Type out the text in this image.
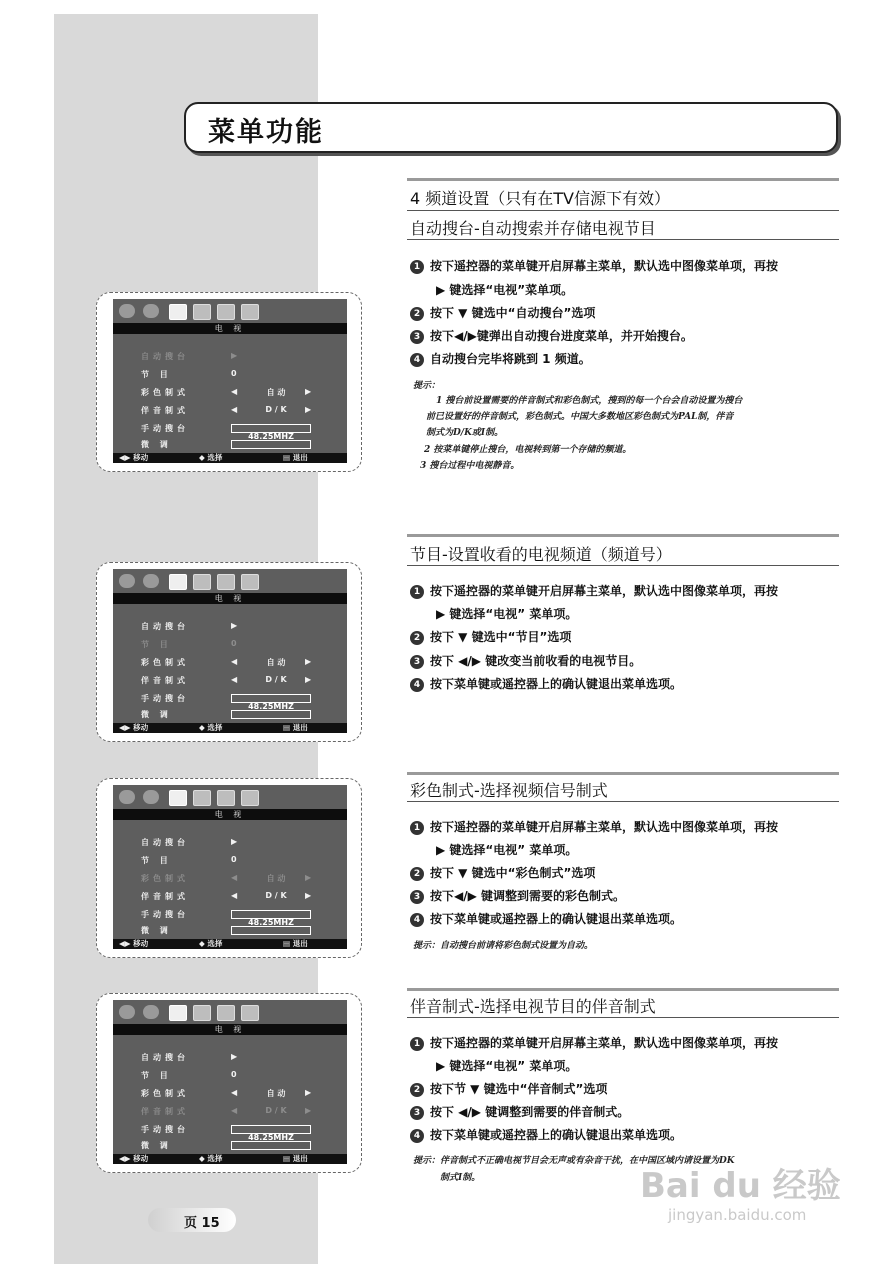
菜单功能
4 频道设置（只有在TV信源下有效）
自动搜台-自动搜索并存储电视节目
1 按下遥控器的菜单键开启屏幕主菜单，默认选中图像菜单项，再按
▶ 键选择“电视”菜单项。
2 按下 ▼ 键选中“自动搜台”选项
3 按下◀/▶键弹出自动搜台进度菜单，并开始搜台。
4 自动搜台完毕将跳到 1 频道。
提示：
1 搜台前设置需要的伴音制式和彩色制式，搜到的每一个台会自动设置为搜台
前已设置好的伴音制式，彩色制式。中国大多数地区彩色制式为PAL制，伴音
制式为D/K或I制。
2 按菜单键停止搜台，电视转到第一个存储的频道。
3 搜台过程中电视静音。
电 视
自动搜台	▶
节 目	0
彩色制式	◀	自 动	▶
伴音制式	◀	D / K	▶
手动搜台
微 调
48.25MHZ
◀▶ 移动	◆ 选择	▤ 退出
节目-设置收看的电视频道（频道号）
1 按下遥控器的菜单键开启屏幕主菜单，默认选中图像菜单项，再按
▶ 键选择“电视” 菜单项。
2 按下 ▼ 键选中“节目”选项
3 按下 ◀/▶ 键改变当前收看的电视节目。
4 按下菜单键或遥控器上的确认键退出菜单选项。
电 视
自动搜台	▶
节 目	0
彩色制式	◀	自 动	▶
伴音制式	◀	D / K	▶
手动搜台
微 调
48.25MHZ
◀▶ 移动	◆ 选择	▤ 退出
彩色制式-选择视频信号制式
1 按下遥控器的菜单键开启屏幕主菜单，默认选中图像菜单项，再按
▶ 键选择“电视” 菜单项。
2 按下 ▼ 键选中“彩色制式”选项
3 按下◀/▶ 键调整到需要的彩色制式。
4 按下菜单键或遥控器上的确认键退出菜单选项。
提示：自动搜台前请将彩色制式设置为自动。
电 视
自动搜台	▶
节 目	0
彩色制式	◀	自 动	▶
伴音制式	◀	D / K	▶
手动搜台
微 调
48.25MHZ
◀▶ 移动	◆ 选择	▤ 退出
伴音制式-选择电视节目的伴音制式
1 按下遥控器的菜单键开启屏幕主菜单，默认选中图像菜单项，再按
▶ 键选择“电视” 菜单项。
2 按下节 ▼ 键选中“伴音制式”选项
3 按下 ◀/▶ 键调整到需要的伴音制式。
4 按下菜单键或遥控器上的确认键退出菜单选项。
提示：伴音制式不正确电视节目会无声或有杂音干扰，在中国区域内请设置为DK
制式I制。
电 视
自动搜台	▶
节 目	0
彩色制式	◀	自 动	▶
伴音制式	◀	D / K	▶
手动搜台
微 调
48.25MHZ
◀▶ 移动	◆ 选择	▤ 退出
页 15
Bai du 经验
jingyan.baidu.com
